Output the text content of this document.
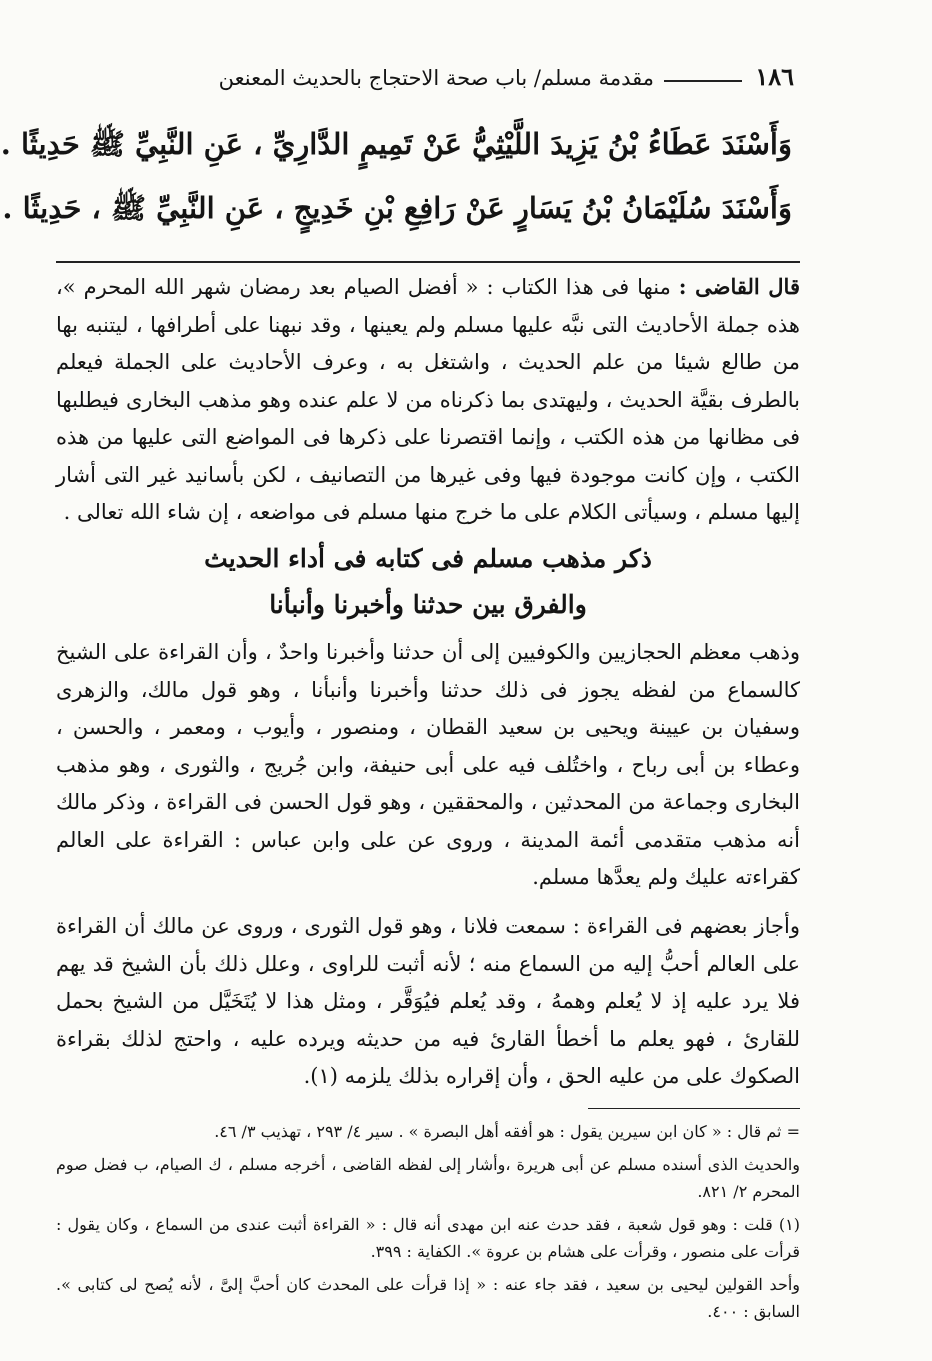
١٨٦
مقدمة مسلم/ باب صحة الاحتجاج بالحديث المعنعن
وَأَسْنَدَ عَطَاءُ بْنُ يَزِيدَ اللَّيْثِيُّ عَنْ تَمِيمٍ الدَّارِيِّ ، عَنِ النَّبِيِّ ﷺ حَدِيثًا .
وَأَسْنَدَ سُلَيْمَانُ بْنُ يَسَارٍ عَنْ رَافِعِ بْنِ خَدِيجٍ ، عَنِ النَّبِيِّ ﷺ ، حَدِيثًا .
قال القاضى : منها فى هذا الكتاب : « أفضل الصيام بعد رمضان شهر الله المحرم »، هذه جملة الأحاديث التى نبَّه عليها مسلم ولم يعينها ، وقد نبهنا على أطرافها ، ليتنبه بها من طالع شيئا من علم الحديث ، واشتغل به ، وعرف الأحاديث على الجملة فيعلم بالطرف بقيَّة الحديث ، وليهتدى بما ذكرناه من لا علم عنده وهو مذهب البخارى فيطلبها فى مظانها من هذه الكتب ، وإنما اقتصرنا على ذكرها فى المواضع التى عليها من هذه الكتب ، وإن كانت موجودة فيها وفى غيرها من التصانيف ، لكن بأسانيد غير التى أشار إليها مسلم ، وسيأتى الكلام على ما خرج منها مسلم فى مواضعه ، إن شاء الله تعالى .
ذكر مذهب مسلم فى كتابه فى أداء الحديث
والفرق بين حدثنا وأخبرنا وأنبأنا
وذهب معظم الحجازيين والكوفيين إلى أن حدثنا وأخبرنا واحدٌ ، وأن القراءة على الشيخ كالسماع من لفظه يجوز فى ذلك حدثنا وأخبرنا وأنبأنا ، وهو قول مالك، والزهرى وسفيان بن عيينة ويحيى بن سعيد القطان ، ومنصور ، وأيوب ، ومعمر ، والحسن ، وعطاء بن أبى رباح ، واختُلف فيه على أبى حنيفة، وابن جُريج ، والثورى ، وهو مذهب البخارى وجماعة من المحدثين ، والمحققين ، وهو قول الحسن فى القراءة ، وذكر مالك أنه مذهب متقدمى أئمة المدينة ، وروى عن على وابن عباس : القراءة على العالم كقراءته عليك ولم يعدَّها مسلم.
وأجاز بعضهم فى القراءة : سمعت فلانا ، وهو قول الثورى ، وروى عن مالك أن القراءة على العالم أحبُّ إليه من السماع منه ؛ لأنه أثبت للراوى ، وعلل ذلك بأن الشيخ قد يهم فلا يرد عليه إذ لا يُعلم وهمهُ ، وقد يُعلم فيُوَقَّر ، ومثل هذا لا يُتَخَيَّل من الشيخ بحمل للقارئ ، فهو يعلم ما أخطأ القارئ فيه من حديثه ويرده عليه ، واحتج لذلك بقراءة الصكوك على من عليه الحق ، وأن إقراره بذلك يلزمه (١).

= ثم قال : « كان ابن سيرين يقول : هو أفقه أهل البصرة » . سير ٤/ ٢٩٣ ، تهذيب ٣/ ٤٦.

والحديث الذى أسنده مسلم عن أبى هريرة ،وأشار إلى لفظه القاضى ، أخرجه مسلم ، ك الصيام، ب فضل صوم المحرم ٢/ ٨٢١.

(١) قلت : وهو قول شعبة ، فقد حدث عنه ابن مهدى أنه قال : « القراءة أثبت عندى من السماع ، وكان يقول : قرأت على منصور ، وقرأت على هشام بن عروة ». الكفاية : ٣٩٩.

وأحد القولين ليحيى بن سعيد ، فقد جاء عنه : « إذا قرأت على المحدث كان أحبَّ إلىَّ ، لأنه يُصح لى كتابى ». السابق : ٤٠٠.
